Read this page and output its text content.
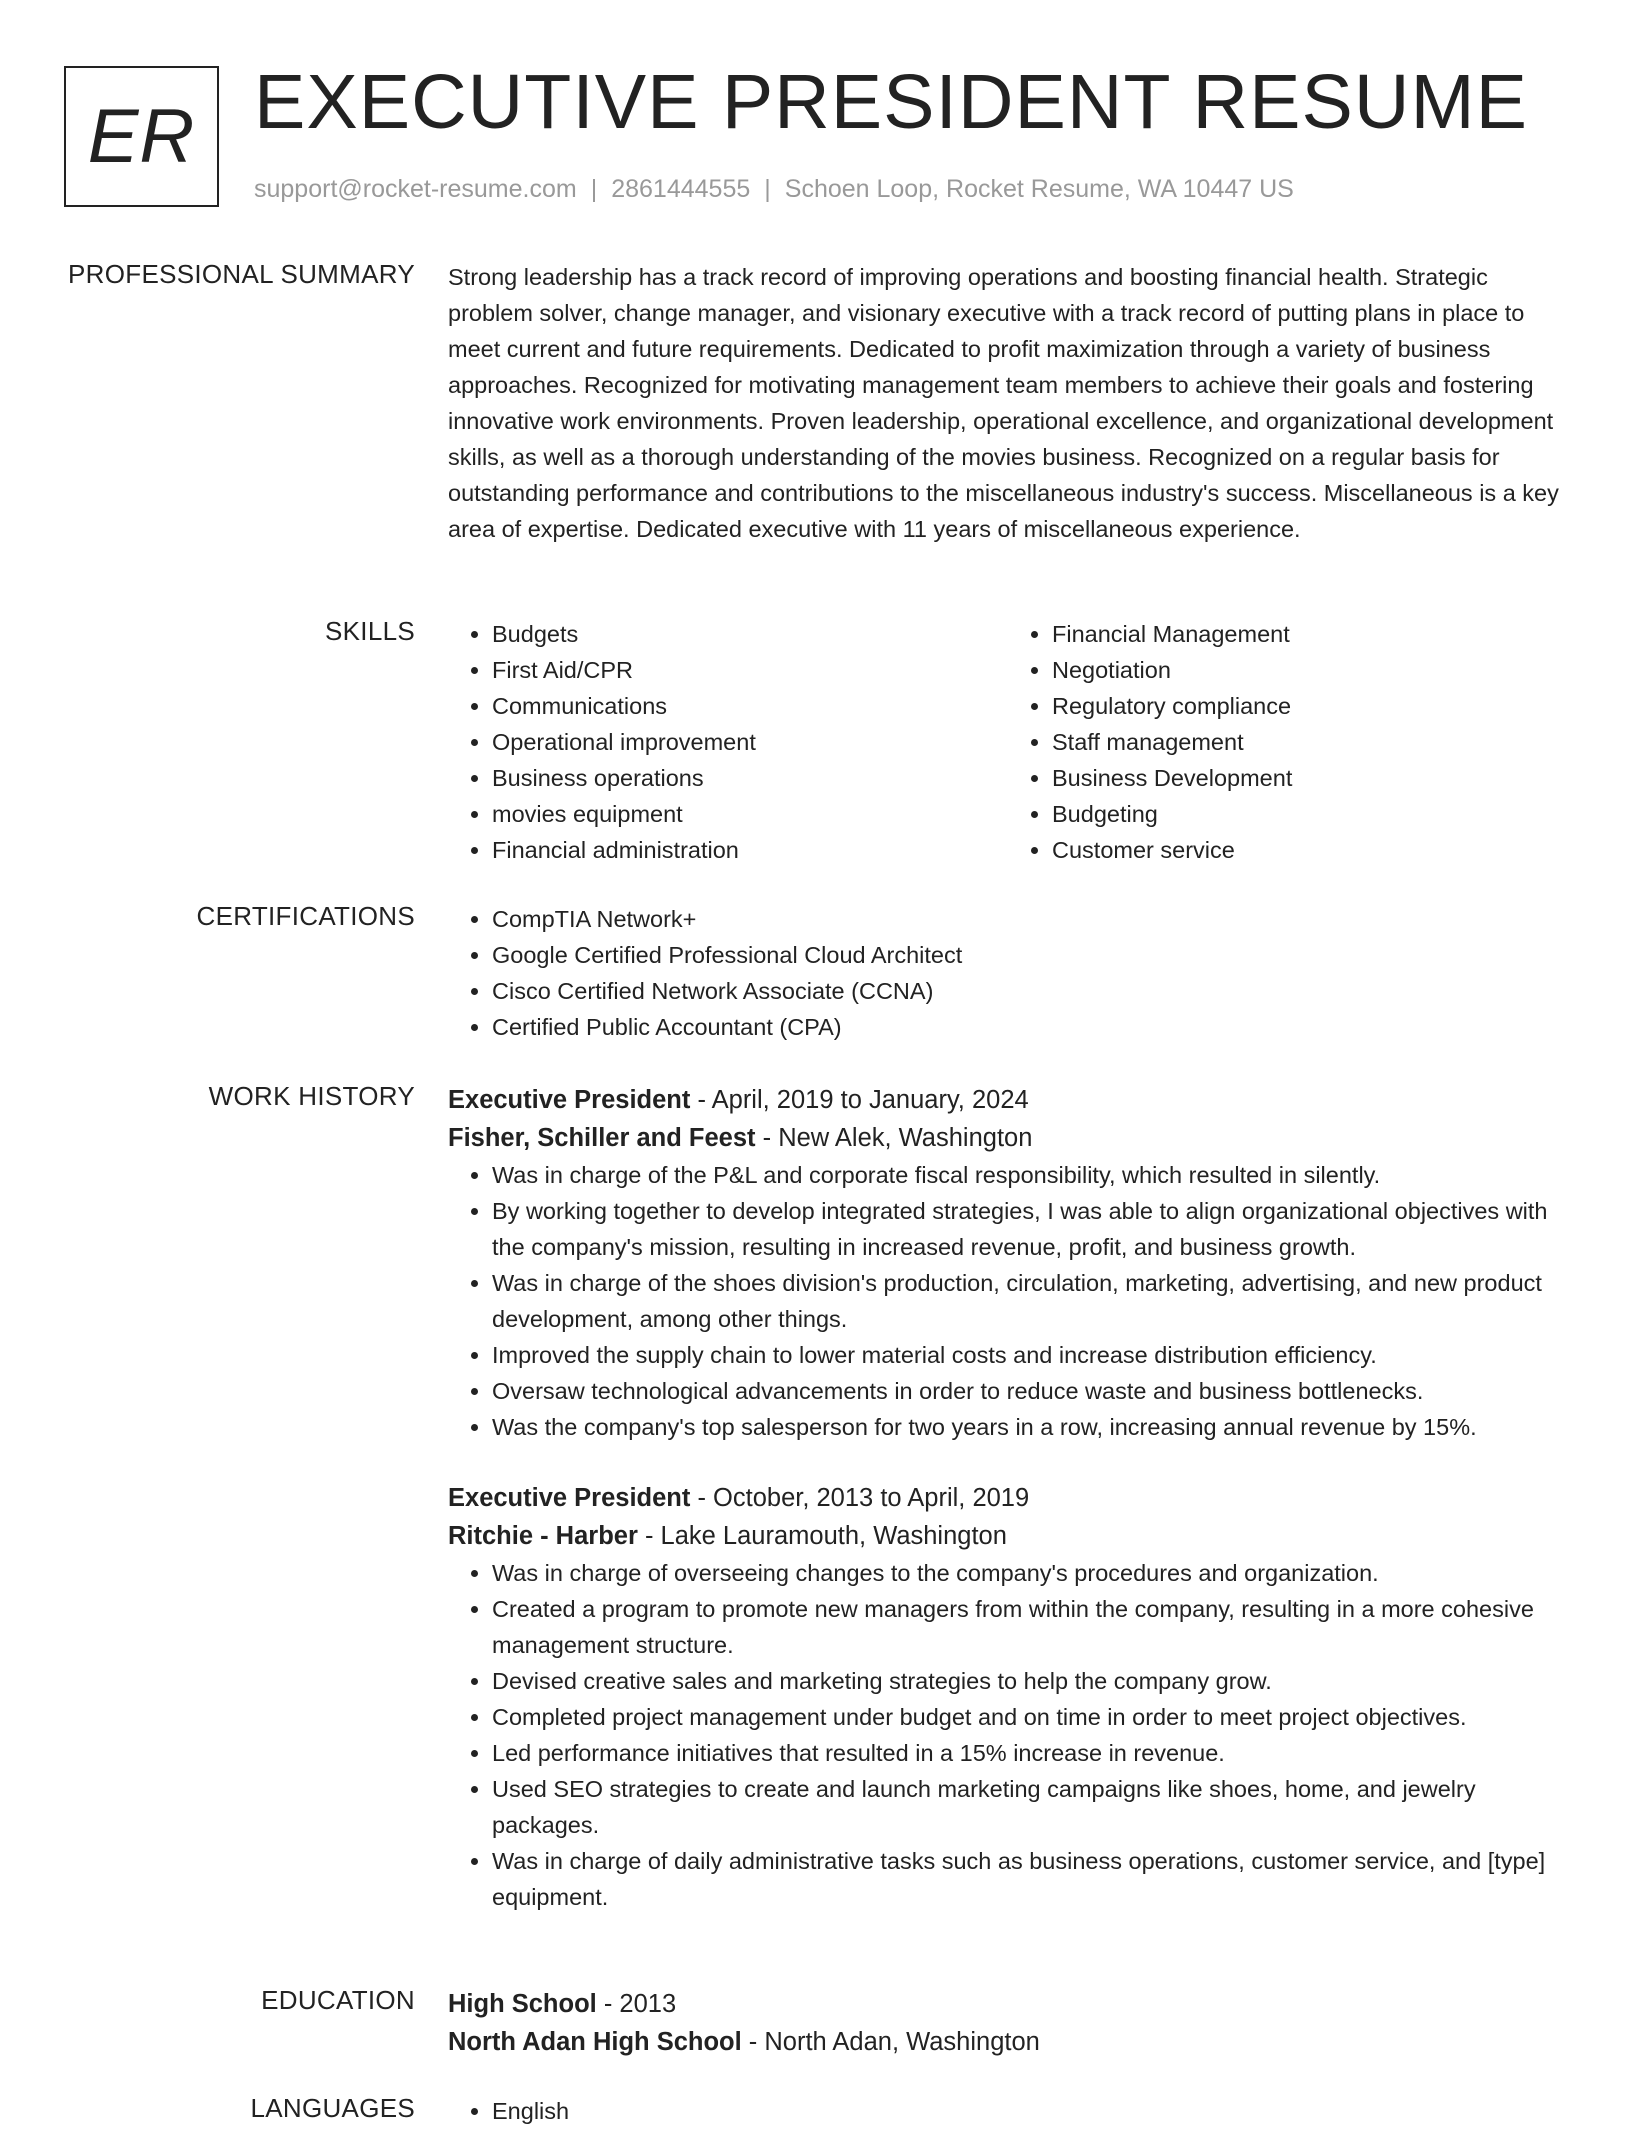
ER EXECUTIVE PRESIDENT RESUME
support@rocket-resume.com | 2861444555 | Schoen Loop, Rocket Resume, WA 10447 US
PROFESSIONAL SUMMARY Strong leadership has a track record of improving operations and boosting financial health. Strategic problem solver, change manager, and visionary executive with a track record of putting plans in place to meet current and future requirements. Dedicated to profit maximization through a variety of business approaches. Recognized for motivating management team members to achieve their goals and fostering innovative work environments. Proven leadership, operational excellence, and organizational development skills, as well as a thorough understanding of the movies business. Recognized on a regular basis for outstanding performance and contributions to the miscellaneous industry's success. Miscellaneous is a key area of expertise. Dedicated executive with 11 years of miscellaneous experience.

SKILLS	• Budgets
• First Aid/CPR
• Communications
• Operational improvement
• Business operations
• movies equipment
• Financial administration
• Financial Management
• Negotiation
• Regulatory compliance
• Staff management
• Business Development
• Budgeting
• Customer service
CERTIFICATIONS	• CompTIA Network+
• Google Certified Professional Cloud Architect
• Cisco Certified Network Associate (CCNA)
• Certified Public Accountant (CPA)
WORK HISTORY Executive President - April, 2019 to January, 2024
Fisher, Schiller and Feest - New Alek, Washington
• Was in charge of the P&L and corporate fiscal responsibility, which resulted in silently.
• By working together to develop integrated strategies, I was able to align organizational objectives with the company's mission, resulting in increased revenue, profit, and business growth.
• Was in charge of the shoes division's production, circulation, marketing, advertising, and new product development, among other things.
• Improved the supply chain to lower material costs and increase distribution efficiency.
• Oversaw technological advancements in order to reduce waste and business bottlenecks.
• Was the company's top salesperson for two years in a row, increasing annual revenue by 15%.
Executive President - October, 2013 to April, 2019
Ritchie - Harber - Lake Lauramouth, Washington
• Was in charge of overseeing changes to the company's procedures and organization.
• Created a program to promote new managers from within the company, resulting in a more cohesive management structure.
• Devised creative sales and marketing strategies to help the company grow.
• Completed project management under budget and on time in order to meet project objectives.
• Led performance initiatives that resulted in a 15% increase in revenue.
• Used SEO strategies to create and launch marketing campaigns like shoes, home, and jewelry packages.
• Was in charge of daily administrative tasks such as business operations, customer service, and [type] equipment.
EDUCATION High School - 2013
North Adan High School - North Adan, Washington
LANGUAGES	• English
